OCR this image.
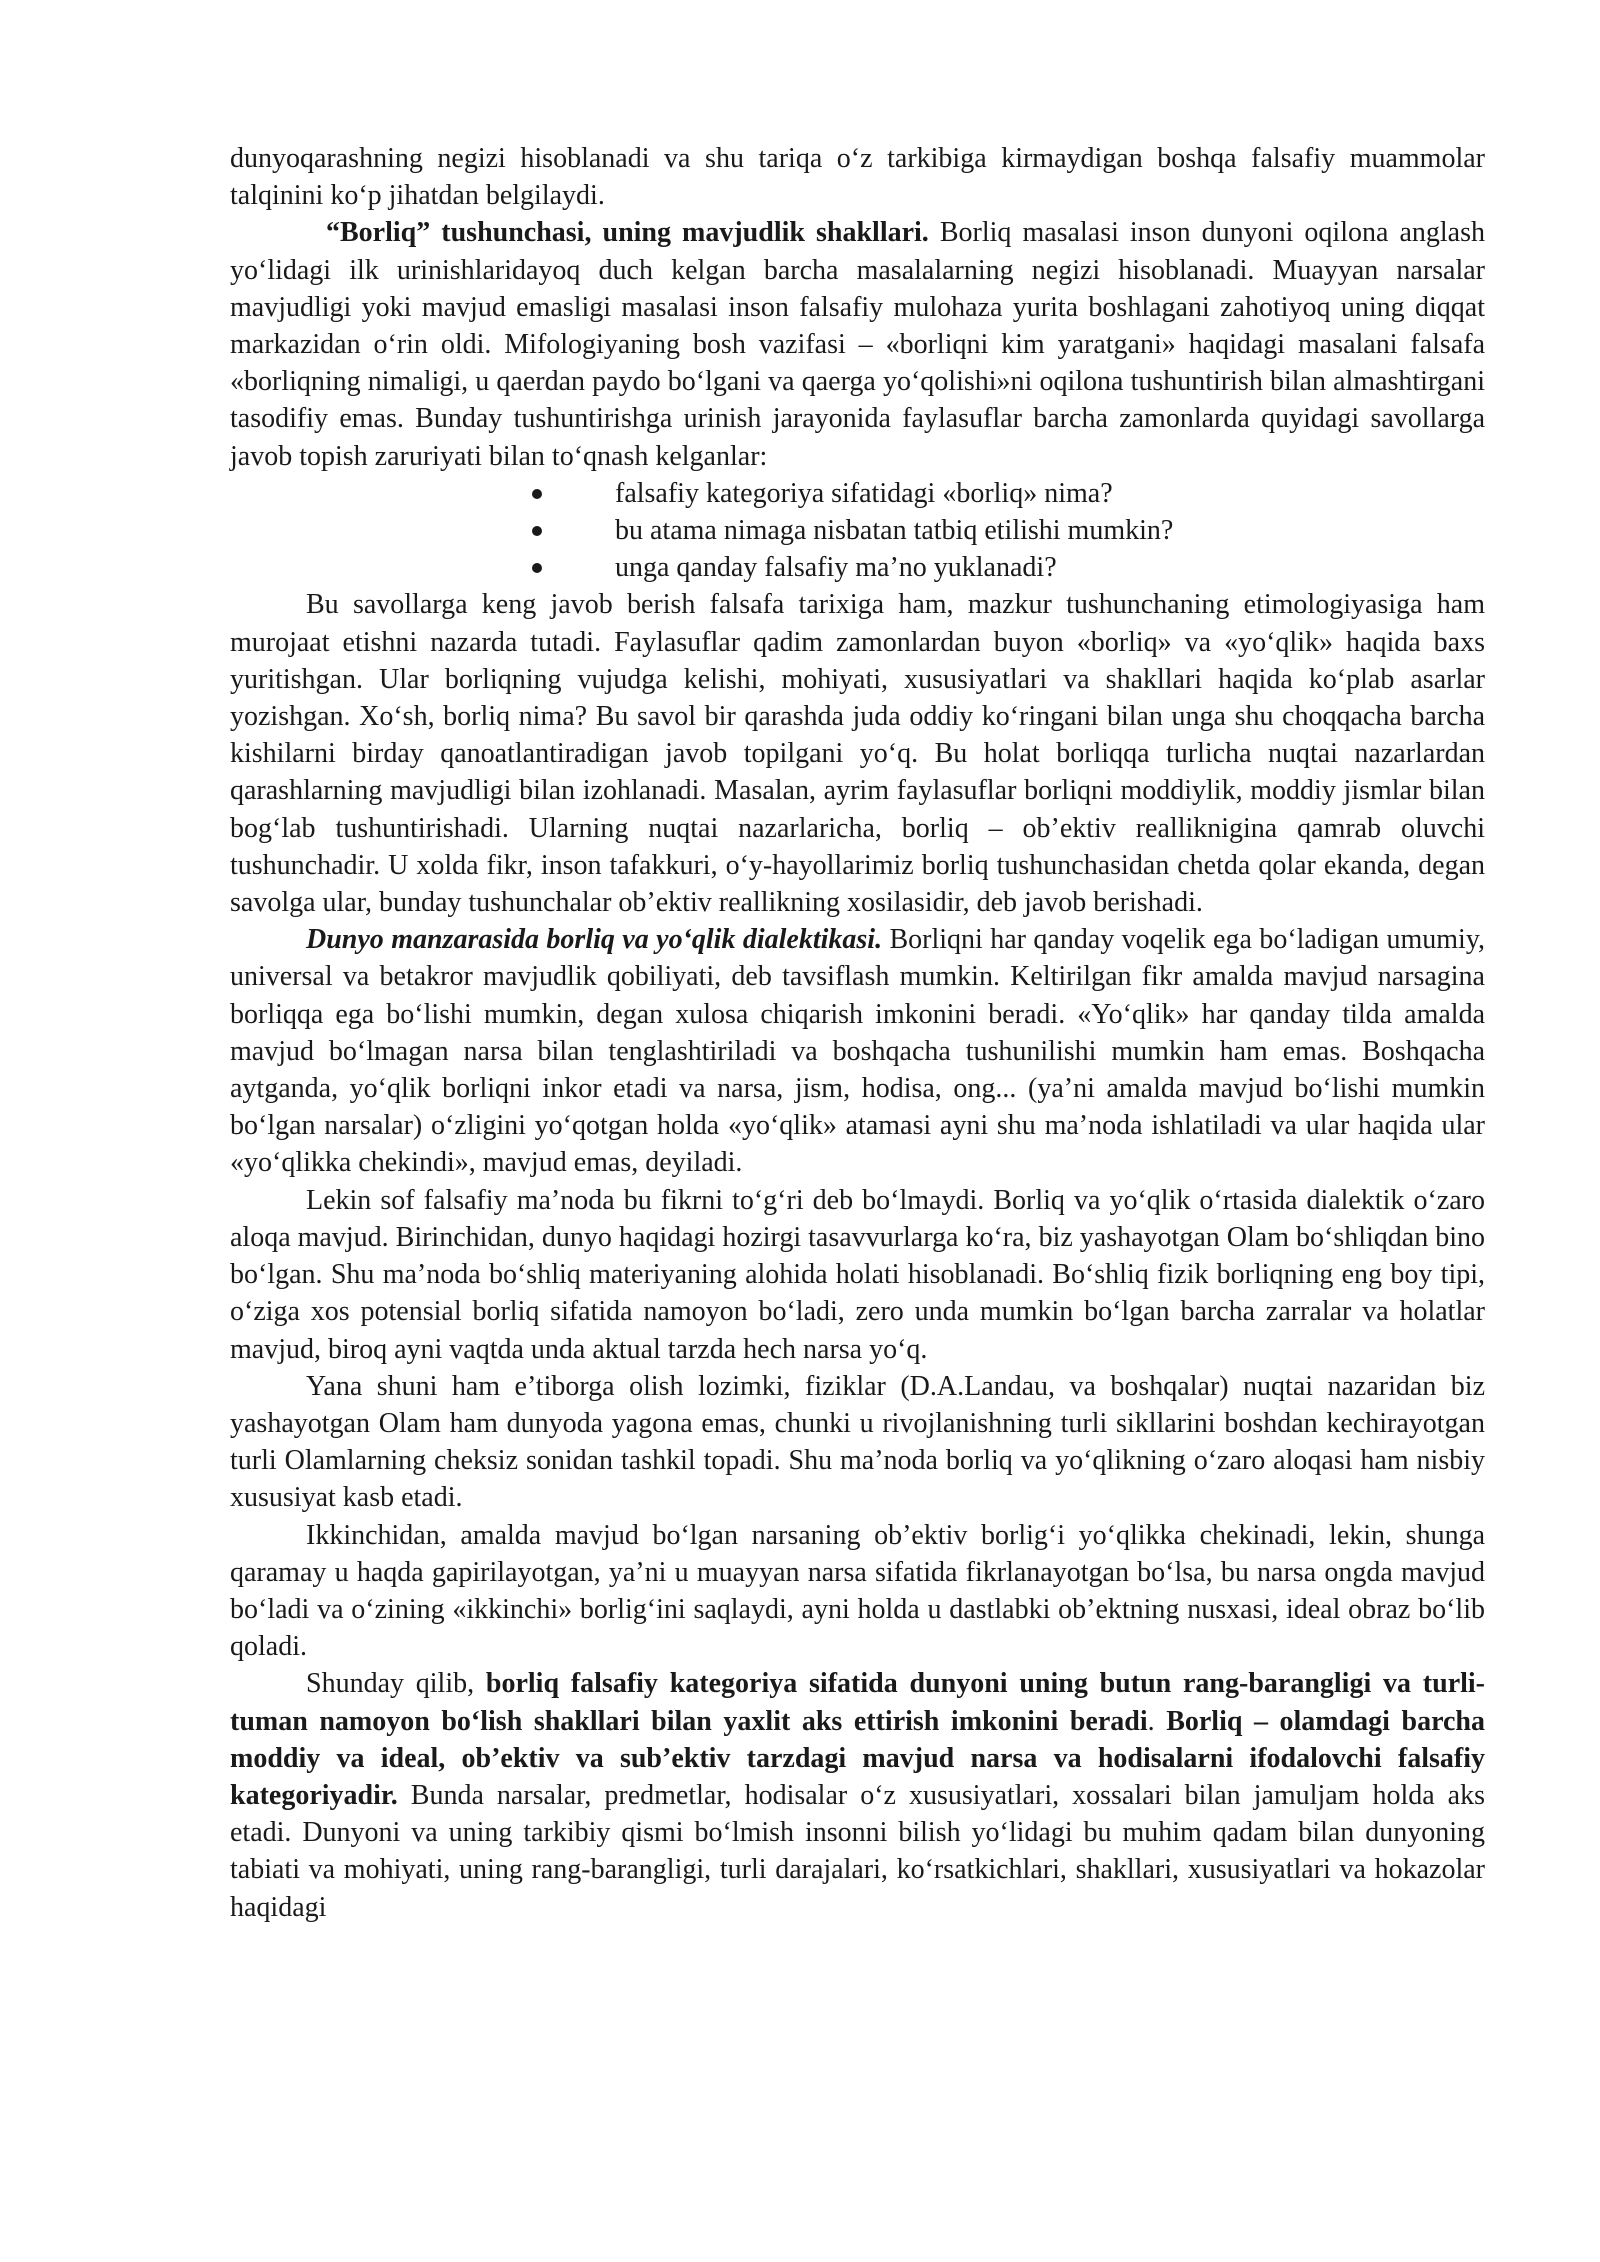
dunyoqarashning negizi hisoblanadi va shu tariqa o‘z tarkibiga kirmaydigan boshqa falsafiy muammolar talqinini ko‘p jihatdan belgilaydi.

“Borliq” tushunchasi, uning mavjudlik shakllari. Borliq masalasi inson dunyoni oqilona anglash yo‘lidagi ilk urinishlaridayoq duch kelgan barcha masalalarning negizi hisoblanadi. Muayyan narsalar mavjudligi yoki mavjud emasligi masalasi inson falsafiy mulohaza yurita boshlagani zahotiyoq uning diqqat markazidan o‘rin oldi. Mifologiyaning bosh vazifasi – «borliqni kim yaratgani» haqidagi masalani falsafa «borliqning nimaligi, u qaerdan paydo bo‘lgani va qaerga yo‘qolishi»ni oqilona tushuntirish bilan almashtirgani tasodifiy emas. Bunday tushuntirishga urinish jarayonida faylasuflar barcha zamonlarda quyidagi savollarga javob topish zaruriyati bilan to‘qnash kelganlar:

falsafiy kategoriya sifatidagi «borliq» nima?
bu atama nimaga nisbatan tatbiq etilishi mumkin?
unga qanday falsafiy ma’no yuklanadi?

Bu savollarga keng javob berish falsafa tarixiga ham, mazkur tushunchaning etimologiyasiga ham murojaat etishni nazarda tutadi. Faylasuflar qadim zamonlardan buyon «borliq» va «yo‘qlik» haqida baxs yuritishgan. Ular borliqning vujudga kelishi, mohiyati, xususiyatlari va shakllari haqida ko‘plab asarlar yozishgan. Xo‘sh, borliq nima? Bu savol bir qarashda juda oddiy ko‘ringani bilan unga shu choqqacha barcha kishilarni birday qanoatlantiradigan javob topilgani yo‘q. Bu holat borliqqa turlicha nuqtai nazarlardan qarashlarning mavjudligi bilan izohlanadi. Masalan, ayrim faylasuflar borliqni moddiylik, moddiy jismlar bilan bog‘lab tushuntirishadi. Ularning nuqtai nazarlaricha, borliq – ob’ektiv realliknigina qamrab oluvchi tushunchadir. U xolda fikr, inson tafakkuri, o‘y-hayollarimiz borliq tushunchasidan chetda qolar ekanda, degan savolga ular, bunday tushunchalar ob’ektiv reallikning xosilasidir, deb javob berishadi.

Dunyo manzarasida borliq va yo‘qlik dialektikasi. Borliqni har qanday voqelik ega bo‘ladigan umumiy, universal va betakror mavjudlik qobiliyati, deb tavsiflash mumkin. Keltirilgan fikr amalda mavjud narsagina borliqqa ega bo‘lishi mumkin, degan xulosa chiqarish imkonini beradi. «Yo‘qlik» har qanday tilda amalda mavjud bo‘lmagan narsa bilan tenglashtiriladi va boshqacha tushunilishi mumkin ham emas. Boshqacha aytganda, yo‘qlik borliqni inkor etadi va narsa, jism, hodisa, ong... (ya’ni amalda mavjud bo‘lishi mumkin bo‘lgan narsalar) o‘zligini yo‘qotgan holda «yo‘qlik» atamasi ayni shu ma’noda ishlatiladi va ular haqida ular «yo‘qlikka chekindi», mavjud emas, deyiladi.

Lekin sof falsafiy ma’noda bu fikrni to‘g‘ri deb bo‘lmaydi. Borliq va yo‘qlik o‘rtasida dialektik o‘zaro aloqa mavjud. Birinchidan, dunyo haqidagi hozirgi tasavvurlarga ko‘ra, biz yashayotgan Olam bo‘shliqdan bino bo‘lgan. Shu ma’noda bo‘shliq materiyaning alohida holati hisoblanadi. Bo‘shliq fizik borliqning eng boy tipi, o‘ziga xos potensial borliq sifatida namoyon bo‘ladi, zero unda mumkin bo‘lgan barcha zarralar va holatlar mavjud, biroq ayni vaqtda unda aktual tarzda hech narsa yo‘q.

Yana shuni ham e’tiborga olish lozimki, fiziklar (D.A.Landau, va boshqalar) nuqtai nazaridan biz yashayotgan Olam ham dunyoda yagona emas, chunki u rivojlanishning turli sikllarini boshdan kechirayotgan turli Olamlarning cheksiz sonidan tashkil topadi. Shu ma’noda borliq va yo‘qlikning o‘zaro aloqasi ham nisbiy xususiyat kasb etadi.

Ikkinchidan, amalda mavjud bo‘lgan narsaning ob’ektiv borlig‘i yo‘qlikka chekinadi, lekin, shunga qaramay u haqda gapirilayotgan, ya’ni u muayyan narsa sifatida fikrlanayotgan bo‘lsa, bu narsa ongda mavjud bo‘ladi va o‘zining «ikkinchi» borlig‘ini saqlaydi, ayni holda u dastlabki ob’ektning nusxasi, ideal obraz bo‘lib qoladi.

Shunday qilib, borliq falsafiy kategoriya sifatida dunyoni uning butun rang-barangligi va turli-tuman namoyon bo‘lish shakllari bilan yaxlit aks ettirish imkonini beradi. Borliq – olamdagi barcha moddiy va ideal, ob’ektiv va sub’ektiv tarzdagi mavjud narsa va hodisalarni ifodalovchi falsafiy kategoriyadir. Bunda narsalar, predmetlar, hodisalar o‘z xususiyatlari, xossalari bilan jamuljam holda aks etadi. Dunyoni va uning tarkibiy qismi bo‘lmish insonni bilish yo‘lidagi bu muhim qadam bilan dunyoning tabiati va mohiyati, uning rang-barangligi, turli darajalari, ko‘rsatkichlari, shakllari, xususiyatlari va hokazolar haqidagi
